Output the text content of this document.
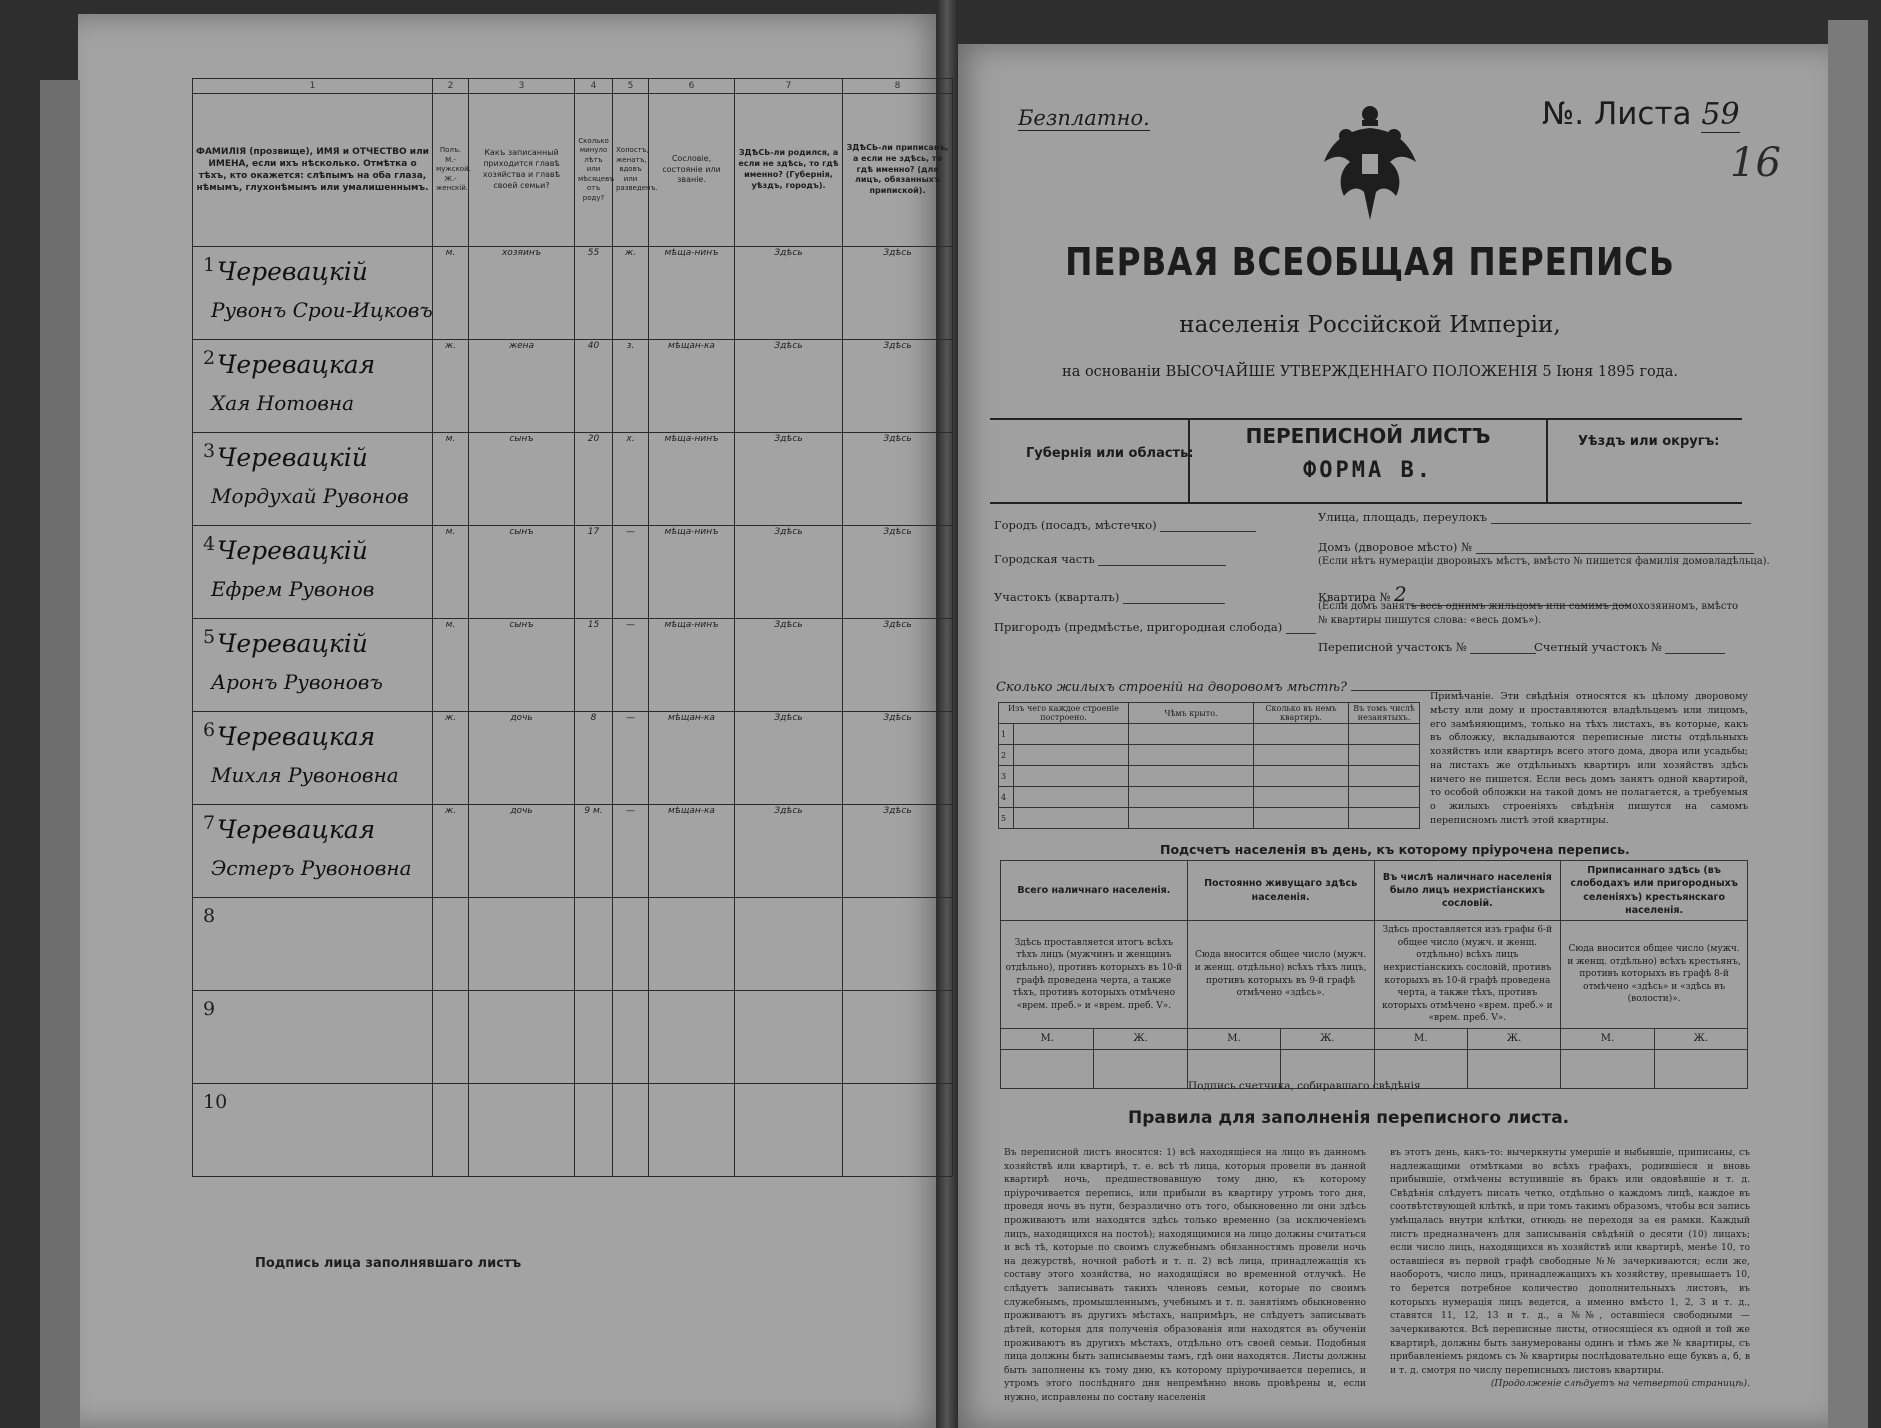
1	2	3	4	5	6	7	8
ФАМИЛІЯ (прозвище), ИМЯ и ОТЧЕСТВО или ИМЕНА, если ихъ нѣсколько. Отмѣтка о тѣхъ, кто окажется: слѣпымъ на оба глаза, нѣмымъ, глухонѣмымъ или умалишеннымъ.	Полъ. М.-мужской. Ж.-женскій.	Какъ записанный приходится главѣ хозяйства и главѣ своей семьи?	Сколько минуло лѣтъ или мѣсяцевъ отъ роду?	Холостъ, женатъ, вдовъ или разведенъ.	Сословіе, состояніе или званіе.	ЗДѢСЬ-ли родился, а если не здѣсь, то гдѣ именно? (Губернія, уѣздъ, городъ).	ЗДѢСЬ-ли приписанъ, а если не здѣсь, то гдѣ именно? (для лицъ, обязанныхъ припиской).

1 Черевацкій
Рувонъ Срои-Ицковъ	м.	хозяинъ	55	ж.	мѣща-нинъ	Здѣсь	Здѣсь

2 Черевацкая
Хая Нотовна	ж.	жена	40	з.	мѣщан-ка	Здѣсь	Здѣсь

3 Черевацкій
Мордухай Рувонов	м.	сынъ	20	х.	мѣща-нинъ	Здѣсь	Здѣсь

4 Черевацкій
Ефрем Рувонов	м.	сынъ	17	—	мѣща-нинъ	Здѣсь	Здѣсь

5 Черевацкій
Аронъ Рувоновъ	м.	сынъ	15	—	мѣща-нинъ	Здѣсь	Здѣсь

6 Черевацкая
Михля Рувоновна	ж.	дочь	8	—	мѣщан-ка	Здѣсь	Здѣсь

7 Черевацкая
Эстеръ Рувоновна	ж.	дочь	9 м.	—	мѣщан-ка	Здѣсь	Здѣсь

8							

9							

10							

Подпись лица заполнявшаго листъ
Безплатно.	№. Листа 59
16
ПЕРВАЯ ВСЕОБЩАЯ ПЕРЕПИСЬ
населенія Россійской Имперіи,
на основаніи ВЫСОЧАЙШЕ УТВЕРЖДЕННАГО ПОЛОЖЕНІЯ 5 Іюня 1895 года.
Губернія или область:
Уѣздъ или округъ:
ПЕРЕПИСНОЙ ЛИСТЪ
ФОРМА В.
Городъ (посадъ, мѣстечко)
Городская часть
Участокъ (кварталъ)
Пригородъ (предмѣстье, пригородная слобода)
Улица, площадь, переулокъ
Домъ (дворовое мѣсто) №
(Если нѣтъ нумераціи дворовыхъ мѣстъ, вмѣсто № пишется фамилія домовладѣльца).
Квартира № 2
(Если домъ занятъ весь однимъ жильцомъ или самимъ домохозяиномъ, вмѣсто № квартиры пишутся слова: «весь домъ»).
Переписной участокъ №	Счетный участокъ №
Сколько жилыхъ строеній на дворовомъ мѣстѣ?
Изъ чего каждое строеніе построено.		Чѣмъ крыто.	Сколько въ немъ квартиръ.	Въ томъ числѣ незанятыхъ.
1				
2				
3				
4				
5				
Примѣчаніе. Эти свѣдѣнія относятся къ цѣлому дворовому мѣсту или дому и проставляются владѣльцемъ или лицомъ, его замѣняющимъ, только на тѣхъ листахъ, въ которые, какъ въ обложку, вкладываются переписные листы отдѣльныхъ хозяйствъ или квартиръ всего этого дома, двора или усадьбы; на листахъ же отдѣльныхъ квартиръ или хозяйствъ здѣсь ничего не пишется. Если весь домъ занятъ одной квартирой, то особой обложки на такой домъ не полагается, а требуемыя о жилыхъ строеніяхъ свѣдѣнія пишутся на самомъ переписномъ листѣ этой квартиры.
Подсчетъ населенія въ день, къ которому пріурочена перепись.
Всего наличнаго населенія.		Постоянно живущаго здѣсь населенія.		Въ числѣ наличнаго населенія было лицъ нехристіанскихъ сословій.		Приписаннаго здѣсь (въ слободахъ или пригородныхъ селеніяхъ) крестьянскаго населенія.	
Здѣсь проставляется итогъ всѣхъ тѣхъ лицъ (мужчинъ и женщинъ отдѣльно), противъ которыхъ въ 10-й графѣ проведена черта, а также тѣхъ, противъ которыхъ отмѣчено «врем. преб.» и «врем. преб. V».		Сюда вносится общее число (мужч. и женщ. отдѣльно) всѣхъ тѣхъ лицъ, противъ которыхъ въ 9-й графѣ отмѣчено «здѣсь».		Здѣсь проставляется изъ графы 6-й общее число (мужч. и женщ. отдѣльно) всѣхъ лицъ нехристіанскихъ сословій, противъ которыхъ въ 10-й графѣ проведена черта, а также тѣхъ, противъ которыхъ отмѣчено «врем. преб.» и «врем. преб. V».		Сюда вносится общее число (мужч. и женщ. отдѣльно) всѣхъ крестьянъ, противъ которыхъ въ графѣ 8-й отмѣчено «здѣсь» и «здѣсь въ (волости)».	
М.	Ж.	М.	Ж.	М.	Ж.	М.	Ж.

Подпись счетчика, собиравшаго свѣдѣнія
Правила для заполненія переписного листа.
Въ переписной листъ вносятся: 1) всѣ находящіеся на лицо въ данномъ хозяйствѣ или квартирѣ, т. е. всѣ тѣ лица, которыя провели въ данной квартирѣ ночь, предшествовавшую тому дню, къ которому пріурочивается перепись, или прибыли въ квартиру утромъ того дня, проведя ночь въ пути, безразлично отъ того, обыкновенно ли они здѣсь проживаютъ или находятся здѣсь только временно (за исключеніемъ лицъ, находящихся на постоѣ); находящимися на лицо должны считаться и всѣ тѣ, которые по своимъ служебнымъ обязанностямъ провели ночь на дежурствѣ, ночной работѣ и т. п. 2) всѣ лица, принадлежащія къ составу этого хозяйства, но находящіяся во временной отлучкѣ. Не слѣдуетъ записывать такихъ членовъ семьи, которые по своимъ служебнымъ, промышленнымъ, учебнымъ и т. п. занятіямъ обыкновенно проживаютъ въ другихъ мѣстахъ, напримѣръ, не слѣдуетъ записывать дѣтей, которыя для полученія образованія или находятся въ обученіи проживаютъ въ другихъ мѣстахъ, отдѣльно отъ своей семьи. Подобныя лица должны быть записываемы тамъ, гдѣ они находятся. Листы должны быть заполнены къ тому дню, къ которому пріурочивается перепись, и утромъ этого послѣдняго дня непремѣнно вновь провѣрены и, если нужно, исправлены по составу населенія
въ этотъ день, какъ-то: вычеркнуты умершіе и выбывшіе, приписаны, съ надлежащими отмѣтками во всѣхъ графахъ, родившіеся и вновь прибывшіе, отмѣчены вступившіе въ бракъ или овдовѣвшіе и т. д. Свѣдѣнія слѣдуетъ писать четко, отдѣльно о каждомъ лицѣ, каждое въ соотвѣтствующей клѣткѣ, и при томъ такимъ образомъ, чтобы вся запись умѣщалась внутри клѣтки, отнюдь не переходя за ея рамки. Каждый листъ предназначенъ для записыванія свѣдѣній о десяти (10) лицахъ; если число лицъ, находящихся въ хозяйствѣ или квартирѣ, менѣе 10, то оставшіеся въ первой графѣ свободные №№ зачеркиваются; если же, наоборотъ, число лицъ, принадлежащихъ къ хозяйству, превышаетъ 10, то берется потребное количество дополнительныхъ листовъ, въ которыхъ нумерація лицъ ведется, а именно вмѣсто 1, 2, 3 и т. д., ставятся 11, 12, 13 и т. д., а №№, оставшіеся свободными — зачеркиваются. Всѣ переписные листы, относящіеся къ одной и той же квартирѣ, должны быть занумерованы одинъ и тѣмъ же № квартиры, съ прибавленіемъ рядомъ съ № квартиры послѣдовательно еще буквъ а, б, в и т. д. смотря по числу переписныхъ листовъ квартиры.
(Продолженіе слѣдуетъ на четвертой страницѣ).
